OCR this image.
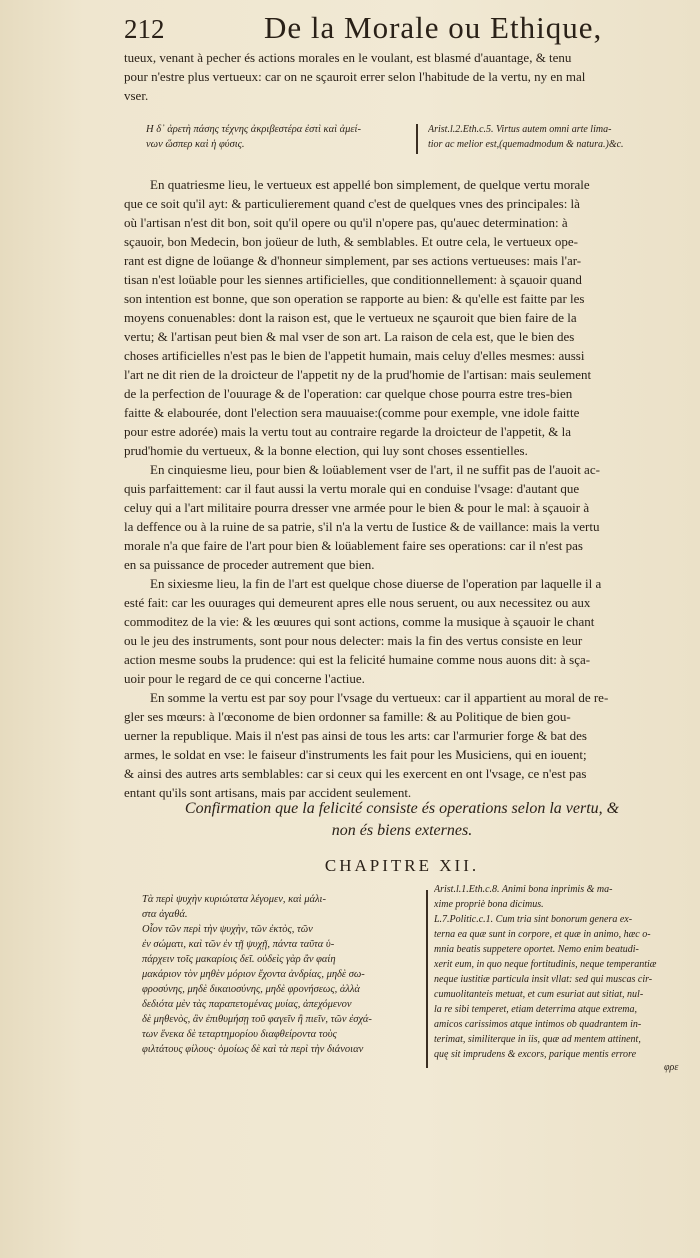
212	De la Morale ou Ethique,
tueux, venant à pecher és actions morales en le voulant, est blasmé d'auantage, & tenu
pour n'estre plus vertueux: car on ne sçauroit errer selon l'habitude de la vertu, ny en mal
vser.
Η δ᾽ ἀρετὴ πάσης τέχνης ἀκριβεστέρα ἐστὶ καὶ ἀμεί-
νων ὥσπερ καὶ ἡ φύσις.
Arist.l.2.Eth.c.5. Virtus autem omni arte lima-
tior ac melior est,(quemadmodum & natura.)&c.
En quatriesme lieu, le vertueux est appellé bon simplement, de quelque vertu morale
que ce soit qu'il ayt: & particulierement quand c'est de quelques vnes des principales: là
où l'artisan n'est dit bon, soit qu'il opere ou qu'il n'opere pas, qu'auec determination: à
sçauoir, bon Medecin, bon joüeur de luth, & semblables. Et outre cela, le vertueux ope-
rant est digne de loüange & d'honneur simplement, par ses actions vertueuses: mais l'ar-
tisan n'est loüable pour les siennes artificielles, que conditionnellement: à sçauoir quand
son intention est bonne, que son operation se rapporte au bien: & qu'elle est faitte par les
moyens conuenables: dont la raison est, que le vertueux ne sçauroit que bien faire de la
vertu; & l'artisan peut bien & mal vser de son art. La raison de cela est, que le bien des
choses artificielles n'est pas le bien de l'appetit humain, mais celuy d'elles mesmes: aussi
l'art ne dit rien de la droicteur de l'appetit ny de la prud'homie de l'artisan: mais seulement
de la perfection de l'ouurage & de l'operation: car quelque chose pourra estre tres-bien
faitte & elabourée, dont l'election sera mauuaise:(comme pour exemple, vne idole faitte
pour estre adorée) mais la vertu tout au contraire regarde la droicteur de l'appetit, & la
prud'homie du vertueux, & la bonne election, qui luy sont choses essentielles.
En cinquiesme lieu, pour bien & loüablement vser de l'art, il ne suffit pas de l'auoit ac-
quis parfaittement: car il faut aussi la vertu morale qui en conduise l'vsage: d'autant que
celuy qui a l'art militaire pourra dresser vne armée pour le bien & pour le mal: à sçauoir à
la deffence ou à la ruine de sa patrie, s'il n'a la vertu de Iustice & de vaillance: mais la vertu
morale n'a que faire de l'art pour bien & loüablement faire ses operations: car il n'est pas
en sa puissance de proceder autrement que bien.
En sixiesme lieu, la fin de l'art est quelque chose diuerse de l'operation par laquelle il a
esté fait: car les ouurages qui demeurent apres elle nous seruent, ou aux necessitez ou aux
commoditez de la vie: & les œuures qui sont actions, comme la musique à sçauoir le chant
ou le jeu des instruments, sont pour nous delecter: mais la fin des vertus consiste en leur
action mesme soubs la prudence: qui est la felicité humaine comme nous auons dit: à sça-
uoir pour le regard de ce qui concerne l'actiue.
En somme la vertu est par soy pour l'vsage du vertueux: car il appartient au moral de re-
gler ses mœurs: à l'œconome de bien ordonner sa famille: & au Politique de bien gou-
uerner la republique. Mais il n'est pas ainsi de tous les arts: car l'armurier forge & bat des
armes, le soldat en vse: le faiseur d'instruments les fait pour les Musiciens, qui en iouent;
& ainsi des autres arts semblables: car si ceux qui les exercent en ont l'vsage, ce n'est pas
entant qu'ils sont artisans, mais par accident seulement.
Confirmation que la felicité consiste és operations selon la vertu, &
non és biens externes.
CHAPITRE XII.
Τὰ περὶ ψυχὴν κυριώτατα λέγομεν, καὶ μάλι-
στα ἀγαθά.
Οἷον τῶν περὶ τὴν ψυχὴν, τῶν ἐκτὸς, τῶν
ἐν σώματι, καὶ τῶν ἐν τῇ ψυχῇ, πάντα ταῦτα ὑ-
πάρχειν τοῖς μακαρίοις δεῖ. οὐδεὶς γὰρ ἂν φαίη
μακάριον τὸν μηθὲν μόριον ἔχοντα ἀνδρίας, μηδὲ σω-
φροσύνης, μηδὲ δικαιοσύνης, μηδὲ φρονήσεως, ἀλλὰ
δεδιότα μὲν τὰς παραπετομένας μυίας, ἀπεχόμενον
δὲ μηθενὸς, ἂν ἐπιθυμήσῃ τοῦ φαγεῖν ἢ πιεῖν, τῶν ἐσχά-
των ἕνεκα δὲ τεταρτημορίου διαφθείροντα τοὺς
φιλτάτους φίλους· ὁμοίως δὲ καὶ τὰ περὶ τὴν διάνοιαν
Arist.l.1.Eth.c.8. Animi bona inprimis & ma-
xime propriè bona dicimus.
L.7.Politic.c.1. Cum tria sint bonorum genera ex-
terna ea quæ sunt in corpore, et quæ in animo, hæc o-
mnia beatis suppetere oportet. Nemo enim beatudi-
xerit eum, in quo neque fortitudinis, neque temperantiæ
neque iustitiæ particula insit vllat: sed qui muscas cir-
cumuolitanteis metuat, et cum esuriat aut sitiat, nul-
la re sibi temperet, etiam deterrima atque extrema,
amicos carissimos atque intimos ob quadrantem in-
terimat, similiterque in iis, quæ ad mentem attinent,
quę sit imprudens & excors, parique mentis errore
φρε
